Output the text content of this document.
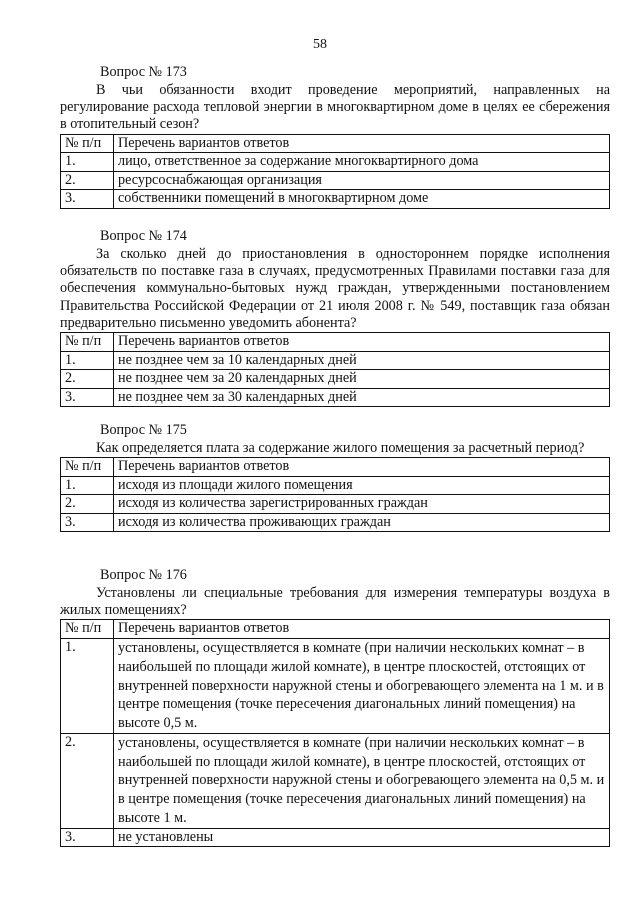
58
Вопрос № 173
В чьи обязанности входит проведение мероприятий, направленных на регулирование расхода тепловой энергии в многоквартирном доме в целях ее сбережения в отопительный сезон?
№ п/п	Перечень вариантов ответов
1.	лицо, ответственное за содержание многоквартирного дома
2.	ресурсоснабжающая организация
3.	собственники помещений в многоквартирном доме
Вопрос № 174
За сколько дней до приостановления в одностороннем порядке исполнения обязательств по поставке газа в случаях, предусмотренных Правилами поставки газа для обеспечения коммунально-бытовых нужд граждан, утвержденными постановлением Правительства Российской Федерации от 21 июля 2008 г. № 549, поставщик газа обязан предварительно письменно уведомить абонента?
№ п/п	Перечень вариантов ответов
1.	не позднее чем за 10 календарных дней
2.	не позднее чем за 20 календарных дней
3.	не позднее чем за 30 календарных дней
Вопрос № 175
Как определяется плата за содержание жилого помещения за расчетный период?
№ п/п	Перечень вариантов ответов
1.	исходя из площади жилого помещения
2.	исходя из количества зарегистрированных граждан
3.	исходя из количества проживающих граждан
Вопрос № 176
Установлены ли специальные требования для измерения температуры воздуха в жилых помещениях?
№ п/п	Перечень вариантов ответов
1.	установлены, осуществляется в комнате (при наличии нескольких комнат – в наибольшей по площади жилой комнате), в центре плоскостей, отстоящих от внутренней поверхности наружной стены и обогревающего элемента на 1 м. и в центре помещения (точке пересечения диагональных линий помещения) на высоте 0,5 м.
2.	установлены, осуществляется в комнате (при наличии нескольких комнат – в наибольшей по площади жилой комнате), в центре плоскостей, отстоящих от внутренней поверхности наружной стены и обогревающего элемента на 0,5 м. и в центре помещения (точке пересечения диагональных линий помещения) на высоте 1 м.
3.	не установлены
